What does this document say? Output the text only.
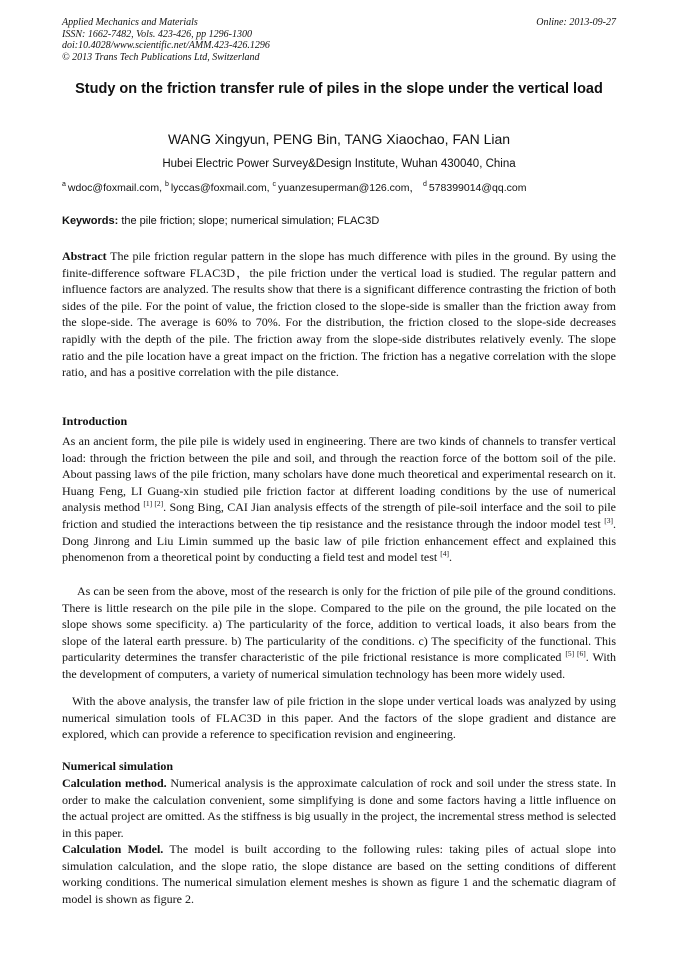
Applied Mechanics and Materials	Online: 2013-09-27
ISSN: 1662-7482, Vols. 423-426, pp 1296-1300
doi:10.4028/www.scientific.net/AMM.423-426.1296
© 2013 Trans Tech Publications Ltd, Switzerland
Study on the friction transfer rule of piles in the slope under the vertical load
WANG Xingyun, PENG Bin, TANG Xiaochao, FAN Lian
Hubei Electric Power Survey&Design Institute, Wuhan 430040, China
$^a$ wdoc@foxmail.com, $^b$ lyccas@foxmail.com, $^c$ yuanzesuperman@126.com， $^d$ 578399014@qq.com
Keywords: the pile friction; slope; numerical simulation; FLAC3D
Abstract The pile friction regular pattern in the slope has much difference with piles in the ground. By using the finite-difference software FLAC3D，the pile friction under the vertical load is studied. The regular pattern and influence factors are analyzed. The results show that there is a significant difference contrasting the friction of both sides of the pile. For the point of value, the friction closed to the slope-side is smaller than the friction away from the slope-side. The average is 60% to 70%. For the distribution, the friction closed to the slope-side decreases rapidly with the depth of the pile. The friction away from the slope-side distributes relatively evenly. The slope ratio and the pile location have a great impact on the friction. The friction has a negative correlation with the slope ratio, and has a positive correlation with the pile distance.
Introduction
As an ancient form, the pile pile is widely used in engineering. There are two kinds of channels to transfer vertical load: through the friction between the pile and soil, and through the reaction force of the bottom soil of the pile. About passing laws of the pile friction, many scholars have done much theoretical and experimental research on it. Huang Feng, LI Guang-xin studied pile friction factor at different loading conditions by the use of numerical analysis method [1] [2]. Song Bing, CAI Jian analysis effects of the strength of pile-soil interface and the soil to pile friction and studied the interactions between the tip resistance and the resistance through the indoor model test [3]. Dong Jinrong and Liu Limin summed up the basic law of pile friction enhancement effect and explained this phenomenon from a theoretical point by conducting a field test and model test [4].
As can be seen from the above, most of the research is only for the friction of pile pile of the ground conditions. There is little research on the pile pile in the slope. Compared to the pile on the ground, the pile located on the slope shows some specificity. a) The particularity of the force, addition to vertical loads, it also bears from the slope of the lateral earth pressure. b) The particularity of the conditions. c) The specificity of the functional. This particularity determines the transfer characteristic of the pile frictional resistance is more complicated [5] [6]. With the development of computers, a variety of numerical simulation technology has been more widely used.
With the above analysis, the transfer law of pile friction in the slope under vertical loads was analyzed by using numerical simulation tools of FLAC3D in this paper. And the factors of the slope gradient and distance are explored, which can provide a reference to specification revision and engineering.
Numerical simulation
Calculation method. Numerical analysis is the approximate calculation of rock and soil under the stress state. In order to make the calculation convenient, some simplifying is done and some factors having a little influence on the actual project are omitted. As the stiffness is big usually in the project, the incremental stress method is selected in this paper.
Calculation Model. The model is built according to the following rules: taking piles of actual slope into simulation calculation, and the slope ratio, the slope distance are based on the setting conditions of different working conditions. The numerical simulation element meshes is shown as figure 1 and the schematic diagram of model is shown as figure 2.
